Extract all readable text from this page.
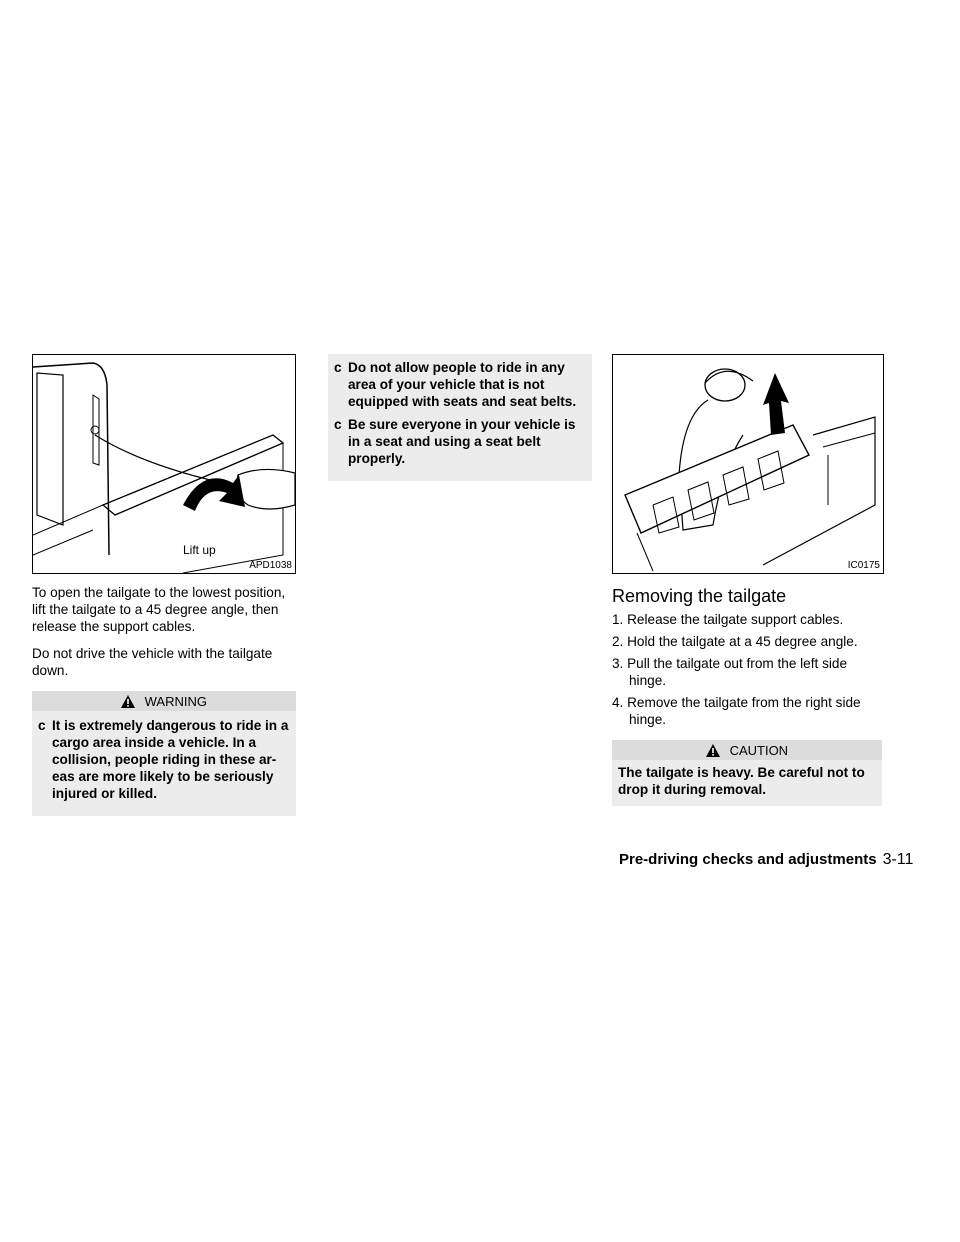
Lift up
APD1038

To open the tailgate to the lowest position, lift the tailgate to a 45 degree angle, then release the support cables.

Do not drive the vehicle with the tailgate down.

WARNING
c It is extremely dangerous to ride in a cargo area inside a vehicle. In a collision, people riding in these ar- eas are more likely to be seriously injured or killed.
c Do not allow people to ride in any area of your vehicle that is not equipped with seats and seat belts.
c Be sure everyone in your vehicle is in a seat and using a seat belt properly.
IC0175
Removing the tailgate
1. Release the tailgate support cables.
2. Hold the tailgate at a 45 degree angle.
3. Pull the tailgate out from the left side hinge.
4. Remove the tailgate from the right side hinge.
CAUTION
The tailgate is heavy. Be careful not to drop it during removal.
Pre-driving checks and adjustments 3-11
